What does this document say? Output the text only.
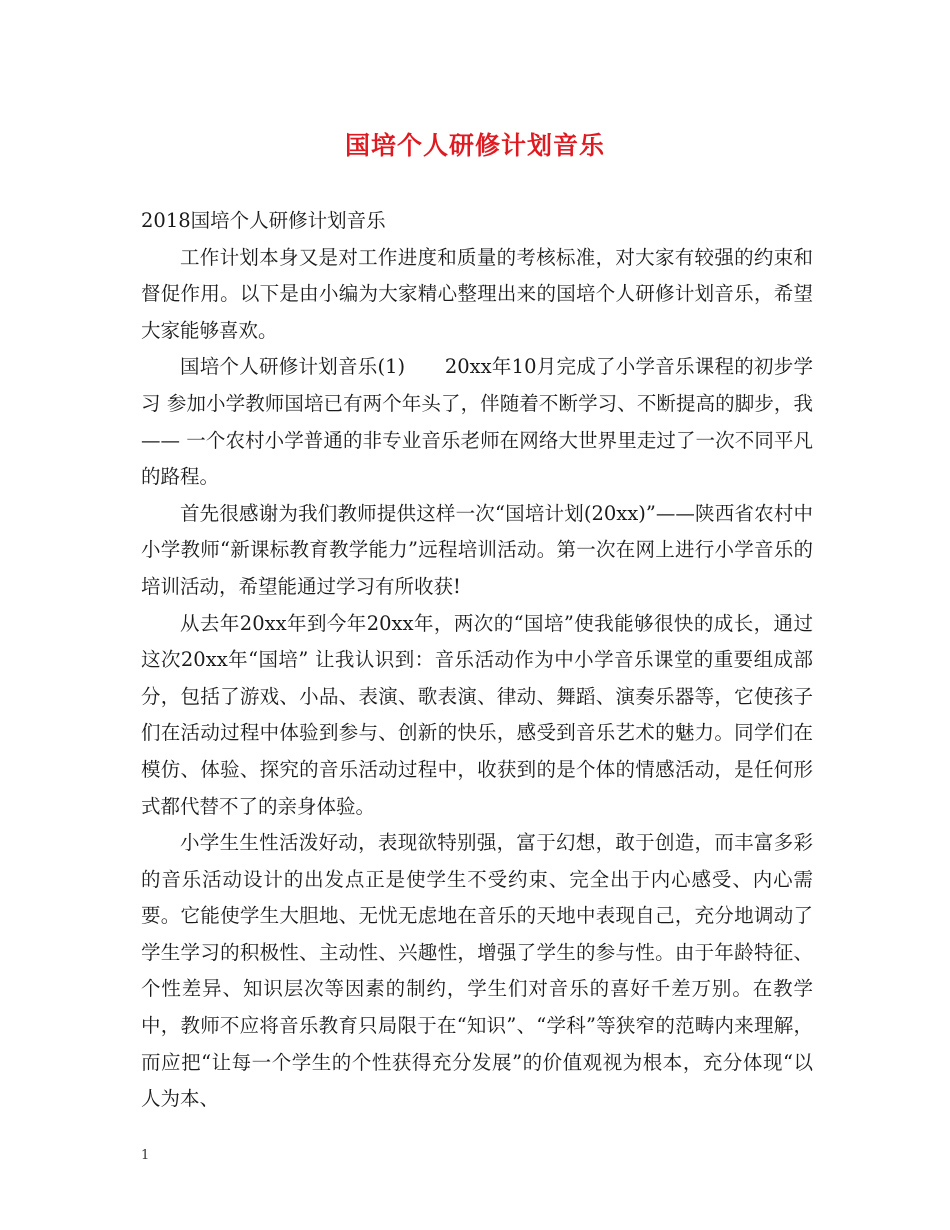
国培个人研修计划音乐

2018国培个人研修计划音乐

工作计划本身又是对工作进度和质量的考核标准，对大家有较强的约束和督促作用。以下是由小编为大家精心整理出来的国培个人研修计划音乐，希望大家能够喜欢。

国培个人研修计划音乐(1)　　20xx年10月完成了小学音乐课程的初步学习 参加小学教师国培已有两个年头了，伴随着不断学习、不断提高的脚步，我—— 一个农村小学普通的非专业音乐老师在网络大世界里走过了一次不同平凡的路程。

首先很感谢为我们教师提供这样一次“国培计划(20xx)”——陕西省农村中小学教师“新课标教育教学能力”远程培训活动。第一次在网上进行小学音乐的培训活动，希望能通过学习有所收获!

从去年20xx年到今年20xx年，两次的“国培”使我能够很快的成长，通过这次20xx年“国培” 让我认识到：音乐活动作为中小学音乐课堂的重要组成部分，包括了游戏、小品、表演、歌表演、律动、舞蹈、演奏乐器等，它使孩子们在活动过程中体验到参与、创新的快乐，感受到音乐艺术的魅力。同学们在模仿、体验、探究的音乐活动过程中，收获到的是个体的情感活动，是任何形式都代替不了的亲身体验。

小学生生性活泼好动，表现欲特别强，富于幻想，敢于创造，而丰富多彩的音乐活动设计的出发点正是使学生不受约束、完全出于内心感受、内心需要。它能使学生大胆地、无忧无虑地在音乐的天地中表现自己，充分地调动了学生学习的积极性、主动性、兴趣性，增强了学生的参与性。由于年龄特征、个性差异、知识层次等因素的制约，学生们对音乐的喜好千差万别。在教学中，教师不应将音乐教育只局限于在“知识”、“学科”等狭窄的范畴内来理解，而应把“让每一个学生的个性获得充分发展”的价值观视为根本，充分体现“以人为本、

1
